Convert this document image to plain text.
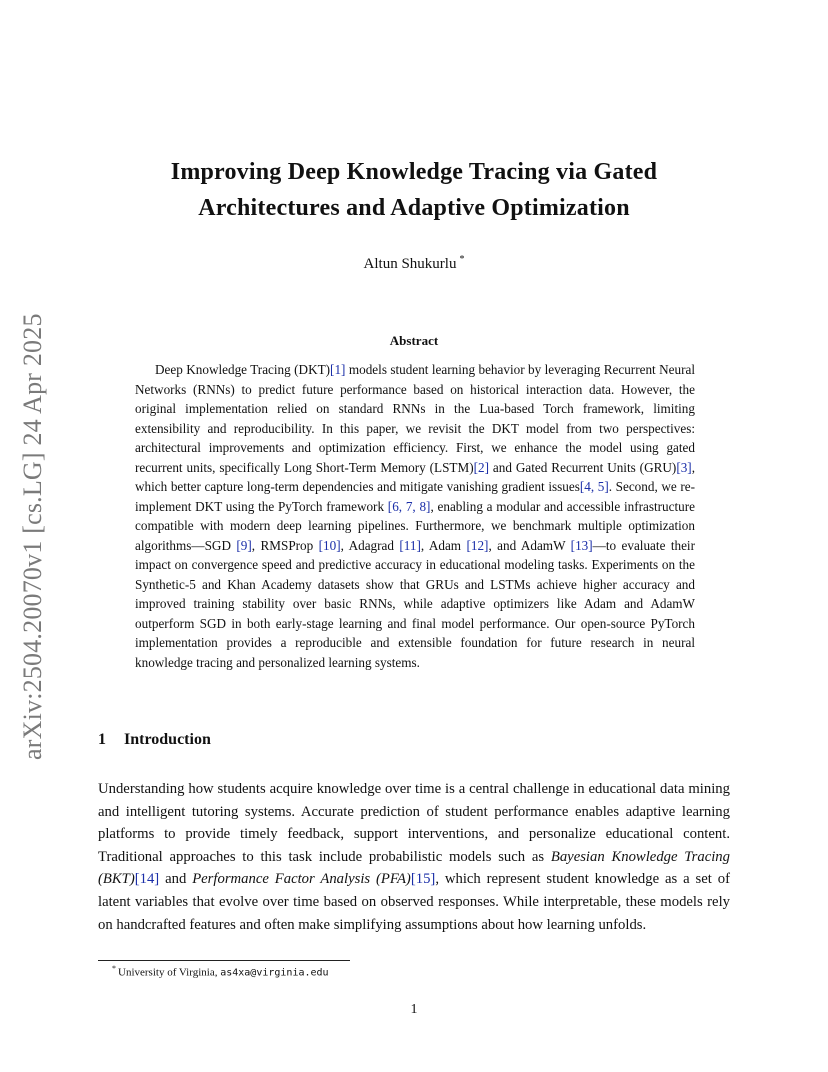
arXiv:2504.20070v1 [cs.LG] 24 Apr 2025
Improving Deep Knowledge Tracing via Gated
Architectures and Adaptive Optimization
Altun Shukurlu *
Abstract

Deep Knowledge Tracing (DKT)[1] models student learning behavior by leveraging Recurrent Neural Networks (RNNs) to predict future performance based on historical interaction data. However, the original implementation relied on standard RNNs in the Lua-based Torch framework, limiting extensibility and reproducibility. In this paper, we revisit the DKT model from two perspectives: architectural improvements and optimization efficiency. First, we enhance the model using gated recurrent units, specifically Long Short-Term Memory (LSTM)[2] and Gated Recurrent Units (GRU)[3], which better capture long-term dependencies and mitigate vanishing gradient issues[4, 5]. Second, we re-implement DKT using the PyTorch framework [6, 7, 8], enabling a modular and accessible infrastructure compatible with modern deep learning pipelines. Furthermore, we benchmark multiple optimization algorithms—SGD [9], RMSProp [10], Adagrad [11], Adam [12], and AdamW [13]—to evaluate their impact on convergence speed and predictive accuracy in educational modeling tasks. Experiments on the Synthetic-5 and Khan Academy datasets show that GRUs and LSTMs achieve higher accuracy and improved training stability over basic RNNs, while adaptive optimizers like Adam and AdamW outperform SGD in both early-stage learning and final model performance. Our open-source PyTorch implementation provides a reproducible and extensible foundation for future research in neural knowledge tracing and personalized learning systems.

1 Introduction

Understanding how students acquire knowledge over time is a central challenge in educational data mining and intelligent tutoring systems. Accurate prediction of student performance enables adaptive learning platforms to provide timely feedback, support interventions, and personalize educational content. Traditional approaches to this task include probabilistic models such as Bayesian Knowledge Tracing (BKT)[14] and Performance Factor Analysis (PFA)[15], which represent student knowledge as a set of latent variables that evolve over time based on observed responses. While interpretable, these models rely on handcrafted features and often make simplifying assumptions about how learning unfolds.

* University of Virginia, as4xa@virginia.edu
1
